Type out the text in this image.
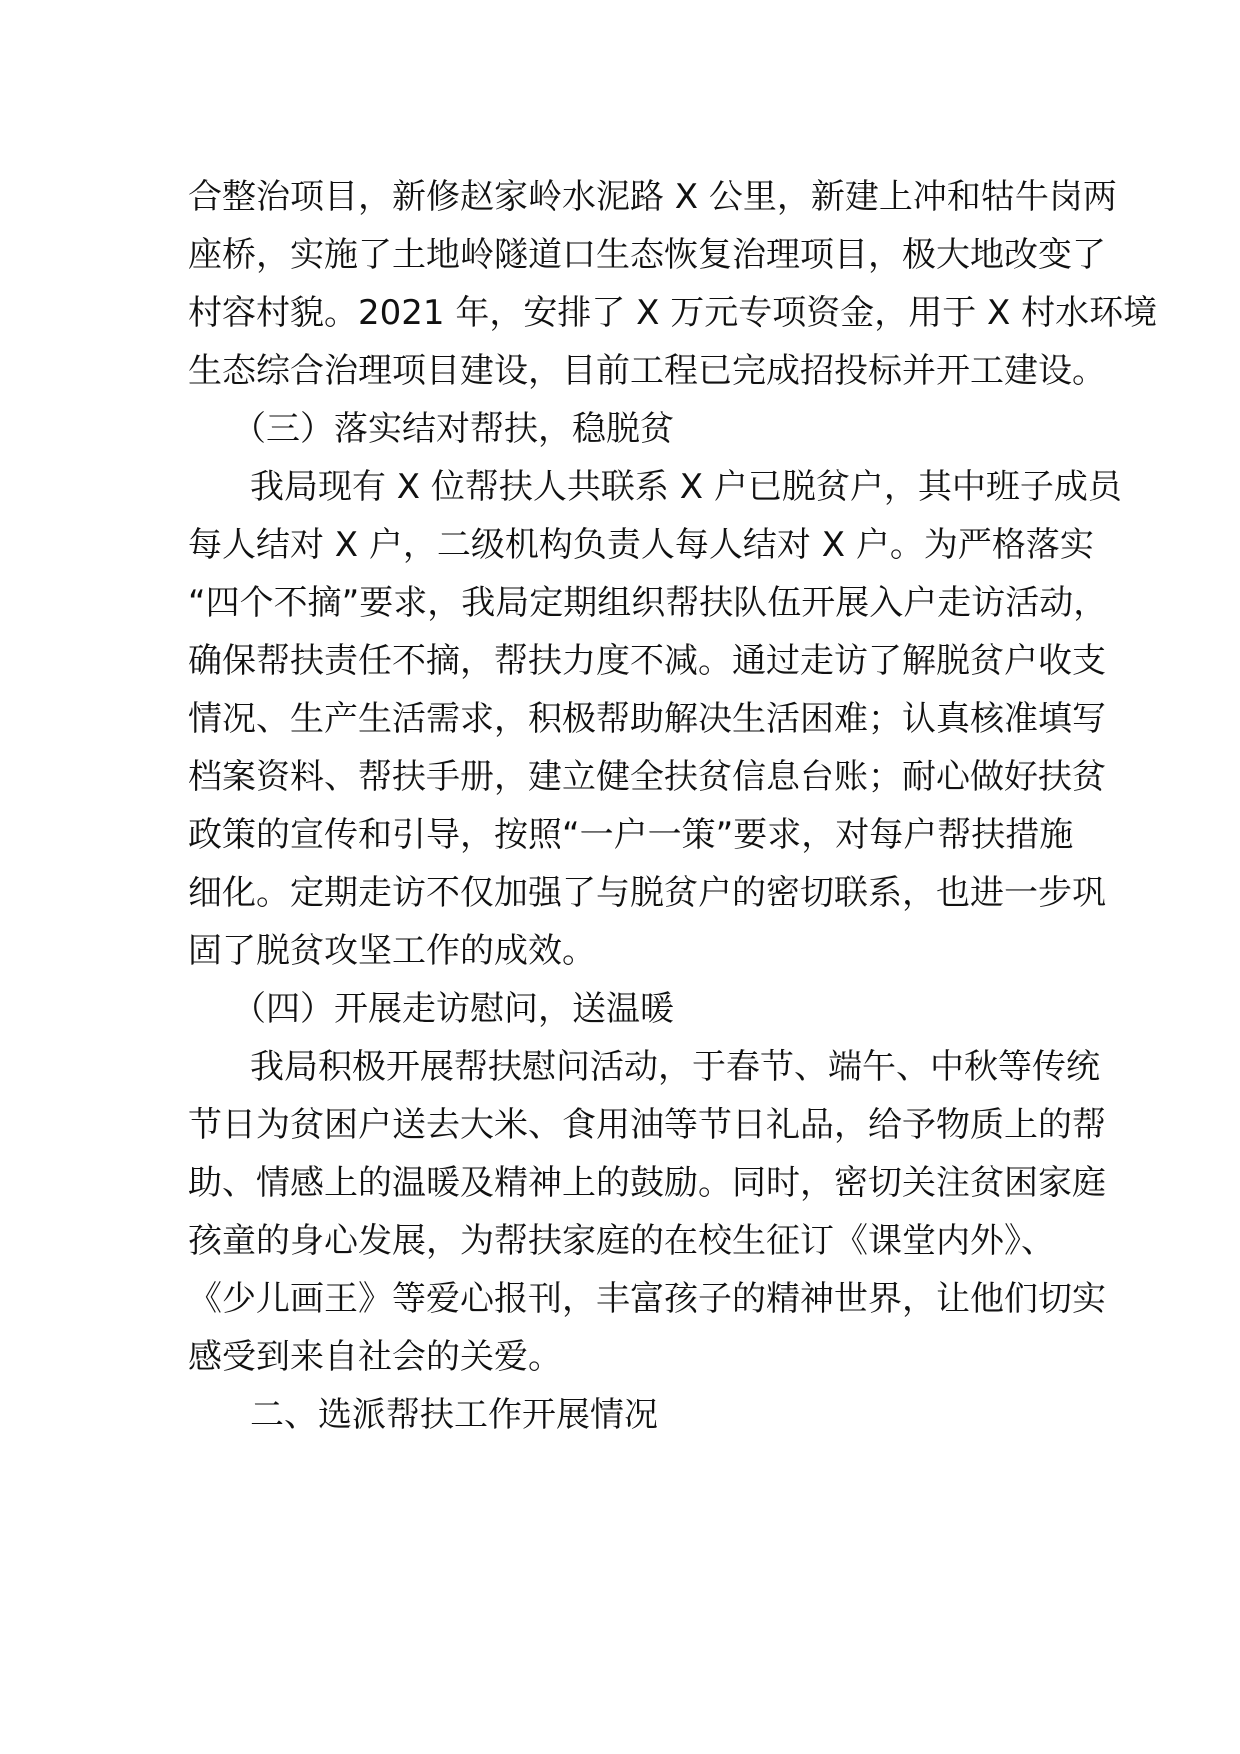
合整治项目，新修赵家岭水泥路 X 公里，新建上冲和牯牛岗两
座桥，实施了土地岭隧道口生态恢复治理项目，极大地改变了
村容村貌。2021 年，安排了 X 万元专项资金，用于 X 村水环境
生态综合治理项目建设，目前工程已完成招投标并开工建设。
（三）落实结对帮扶，稳脱贫
我局现有 X 位帮扶人共联系 X 户已脱贫户，其中班子成员
每人结对 X 户，二级机构负责人每人结对 X 户。为严格落实
“四个不摘”要求，我局定期组织帮扶队伍开展入户走访活动，
确保帮扶责任不摘，帮扶力度不减。通过走访了解脱贫户收支
情况、生产生活需求，积极帮助解决生活困难；认真核准填写
档案资料、帮扶手册，建立健全扶贫信息台账；耐心做好扶贫
政策的宣传和引导，按照“一户一策”要求，对每户帮扶措施
细化。定期走访不仅加强了与脱贫户的密切联系，也进一步巩
固了脱贫攻坚工作的成效。
（四）开展走访慰问，送温暖
我局积极开展帮扶慰问活动，于春节、端午、中秋等传统
节日为贫困户送去大米、食用油等节日礼品，给予物质上的帮
助、情感上的温暖及精神上的鼓励。同时，密切关注贫困家庭
孩童的身心发展，为帮扶家庭的在校生征订《课堂内外》、
《少儿画王》等爱心报刊，丰富孩子的精神世界，让他们切实
感受到来自社会的关爱。
二、选派帮扶工作开展情况
